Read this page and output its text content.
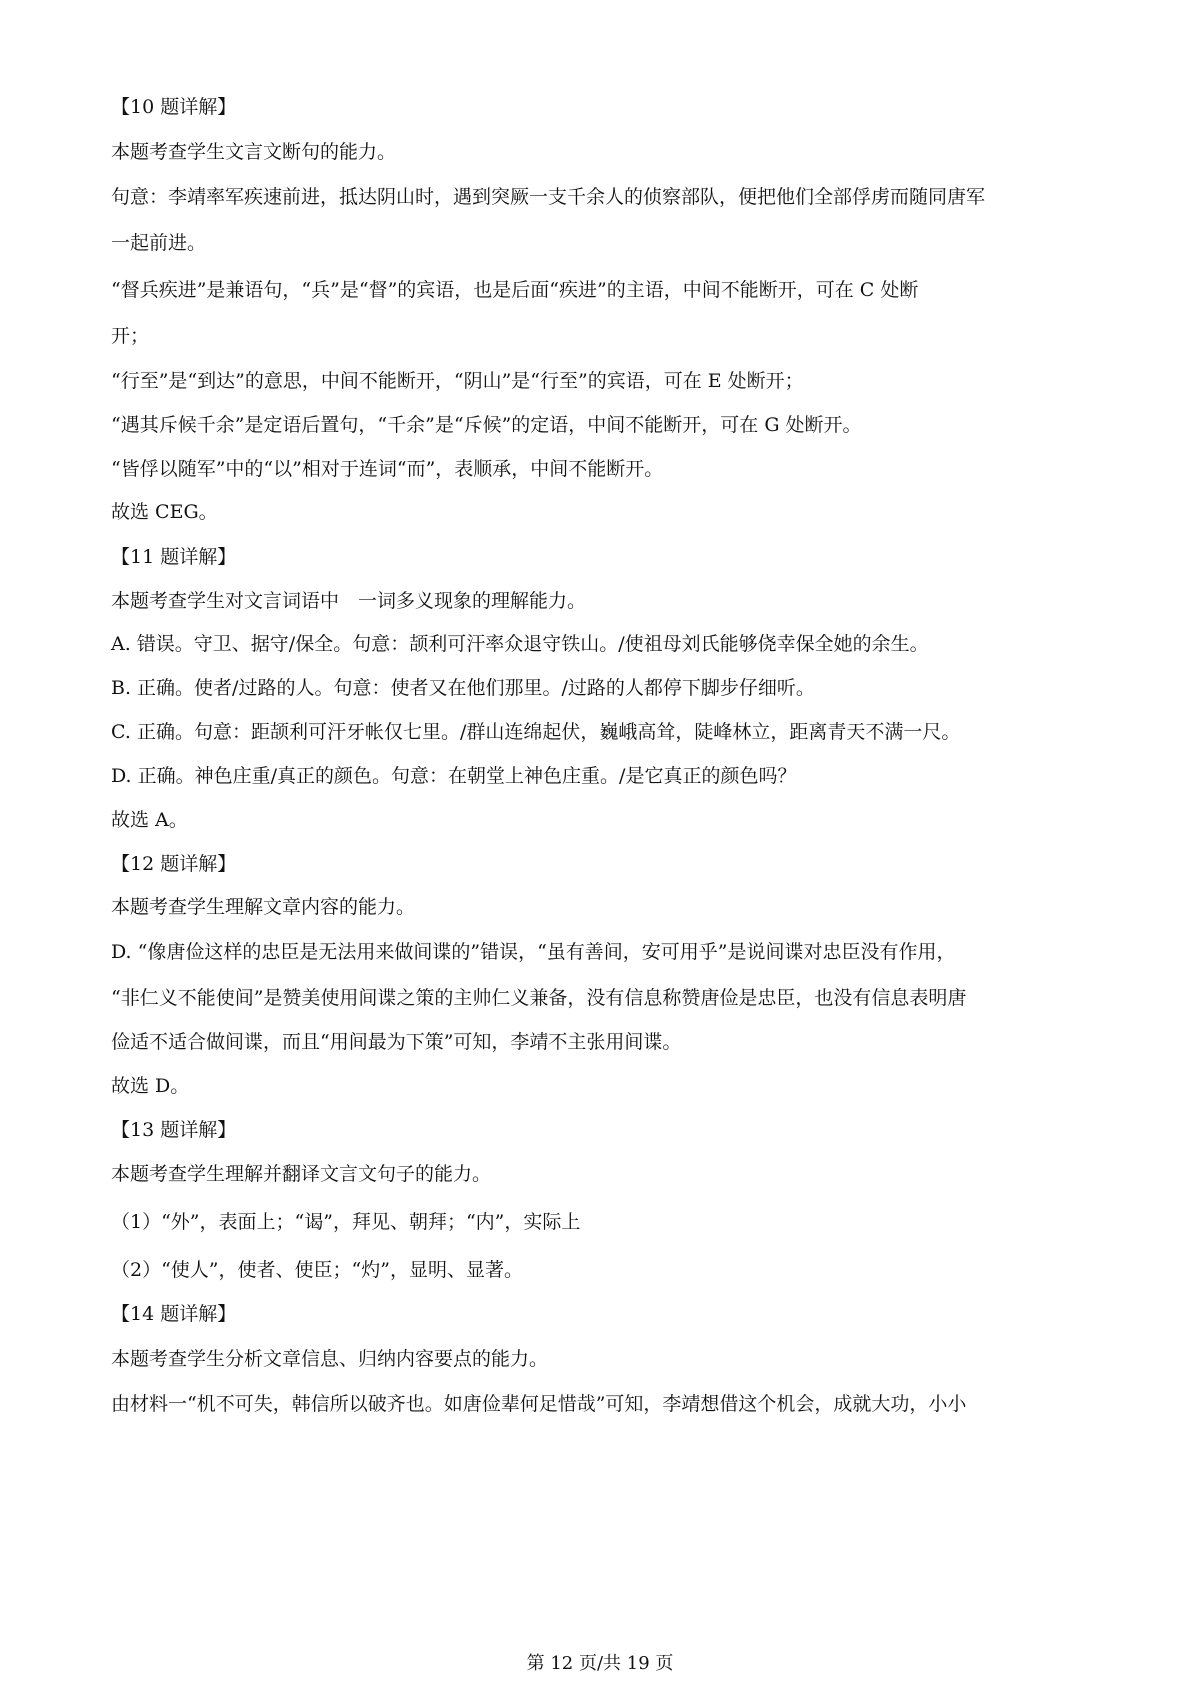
【10 题详解】
本题考查学生文言文断句的能力。
句意：李靖率军疾速前进，抵达阴山时，遇到突厥一支千余人的侦察部队，便把他们全部俘虏而随同唐军
一起前进。
“督兵疾进”是兼语句，“兵”是“督”的宾语，也是后面“疾进”的主语，中间不能断开，可在 C 处断
开；
“行至”是“到达”的意思，中间不能断开，“阴山”是“行至”的宾语，可在 E 处断开；
“遇其斥候千余”是定语后置句，“千余”是“斥候”的定语，中间不能断开，可在 G 处断开。
“皆俘以随军”中的“以”相对于连词“而”，表顺承，中间不能断开。
故选 CEG。
【11 题详解】
本题考查学生对文言词语中　一词多义现象的理解能力。
A. 错误。守卫、据守/保全。句意：颉利可汗率众退守铁山。/使祖母刘氏能够侥幸保全她的余生。
B. 正确。使者/过路的人。句意：使者又在他们那里。/过路的人都停下脚步仔细听。
C. 正确。句意：距颉利可汗牙帐仅七里。/群山连绵起伏，巍峨高耸，陡峰林立，距离青天不满一尺。
D. 正确。神色庄重/真正的颜色。句意：在朝堂上神色庄重。/是它真正的颜色吗？
故选 A。
【12 题详解】
本题考查学生理解文章内容的能力。
D. “像唐俭这样的忠臣是无法用来做间谍的”错误，“虽有善间，安可用乎”是说间谍对忠臣没有作用，
“非仁义不能使间”是赞美使用间谍之策的主帅仁义兼备，没有信息称赞唐俭是忠臣，也没有信息表明唐
俭适不适合做间谍，而且“用间最为下策”可知，李靖不主张用间谍。
故选 D。
【13 题详解】
本题考查学生理解并翻译文言文句子的能力。
（1）“外”，表面上；“谒”，拜见、朝拜；“内”，实际上
（2）“使人”，使者、使臣；“灼”，显明、显著。
【14 题详解】
本题考查学生分析文章信息、归纳内容要点的能力。
由材料一“机不可失，韩信所以破齐也。如唐俭辈何足惜哉”可知，李靖想借这个机会，成就大功，小小
第 12 页/共 19 页
